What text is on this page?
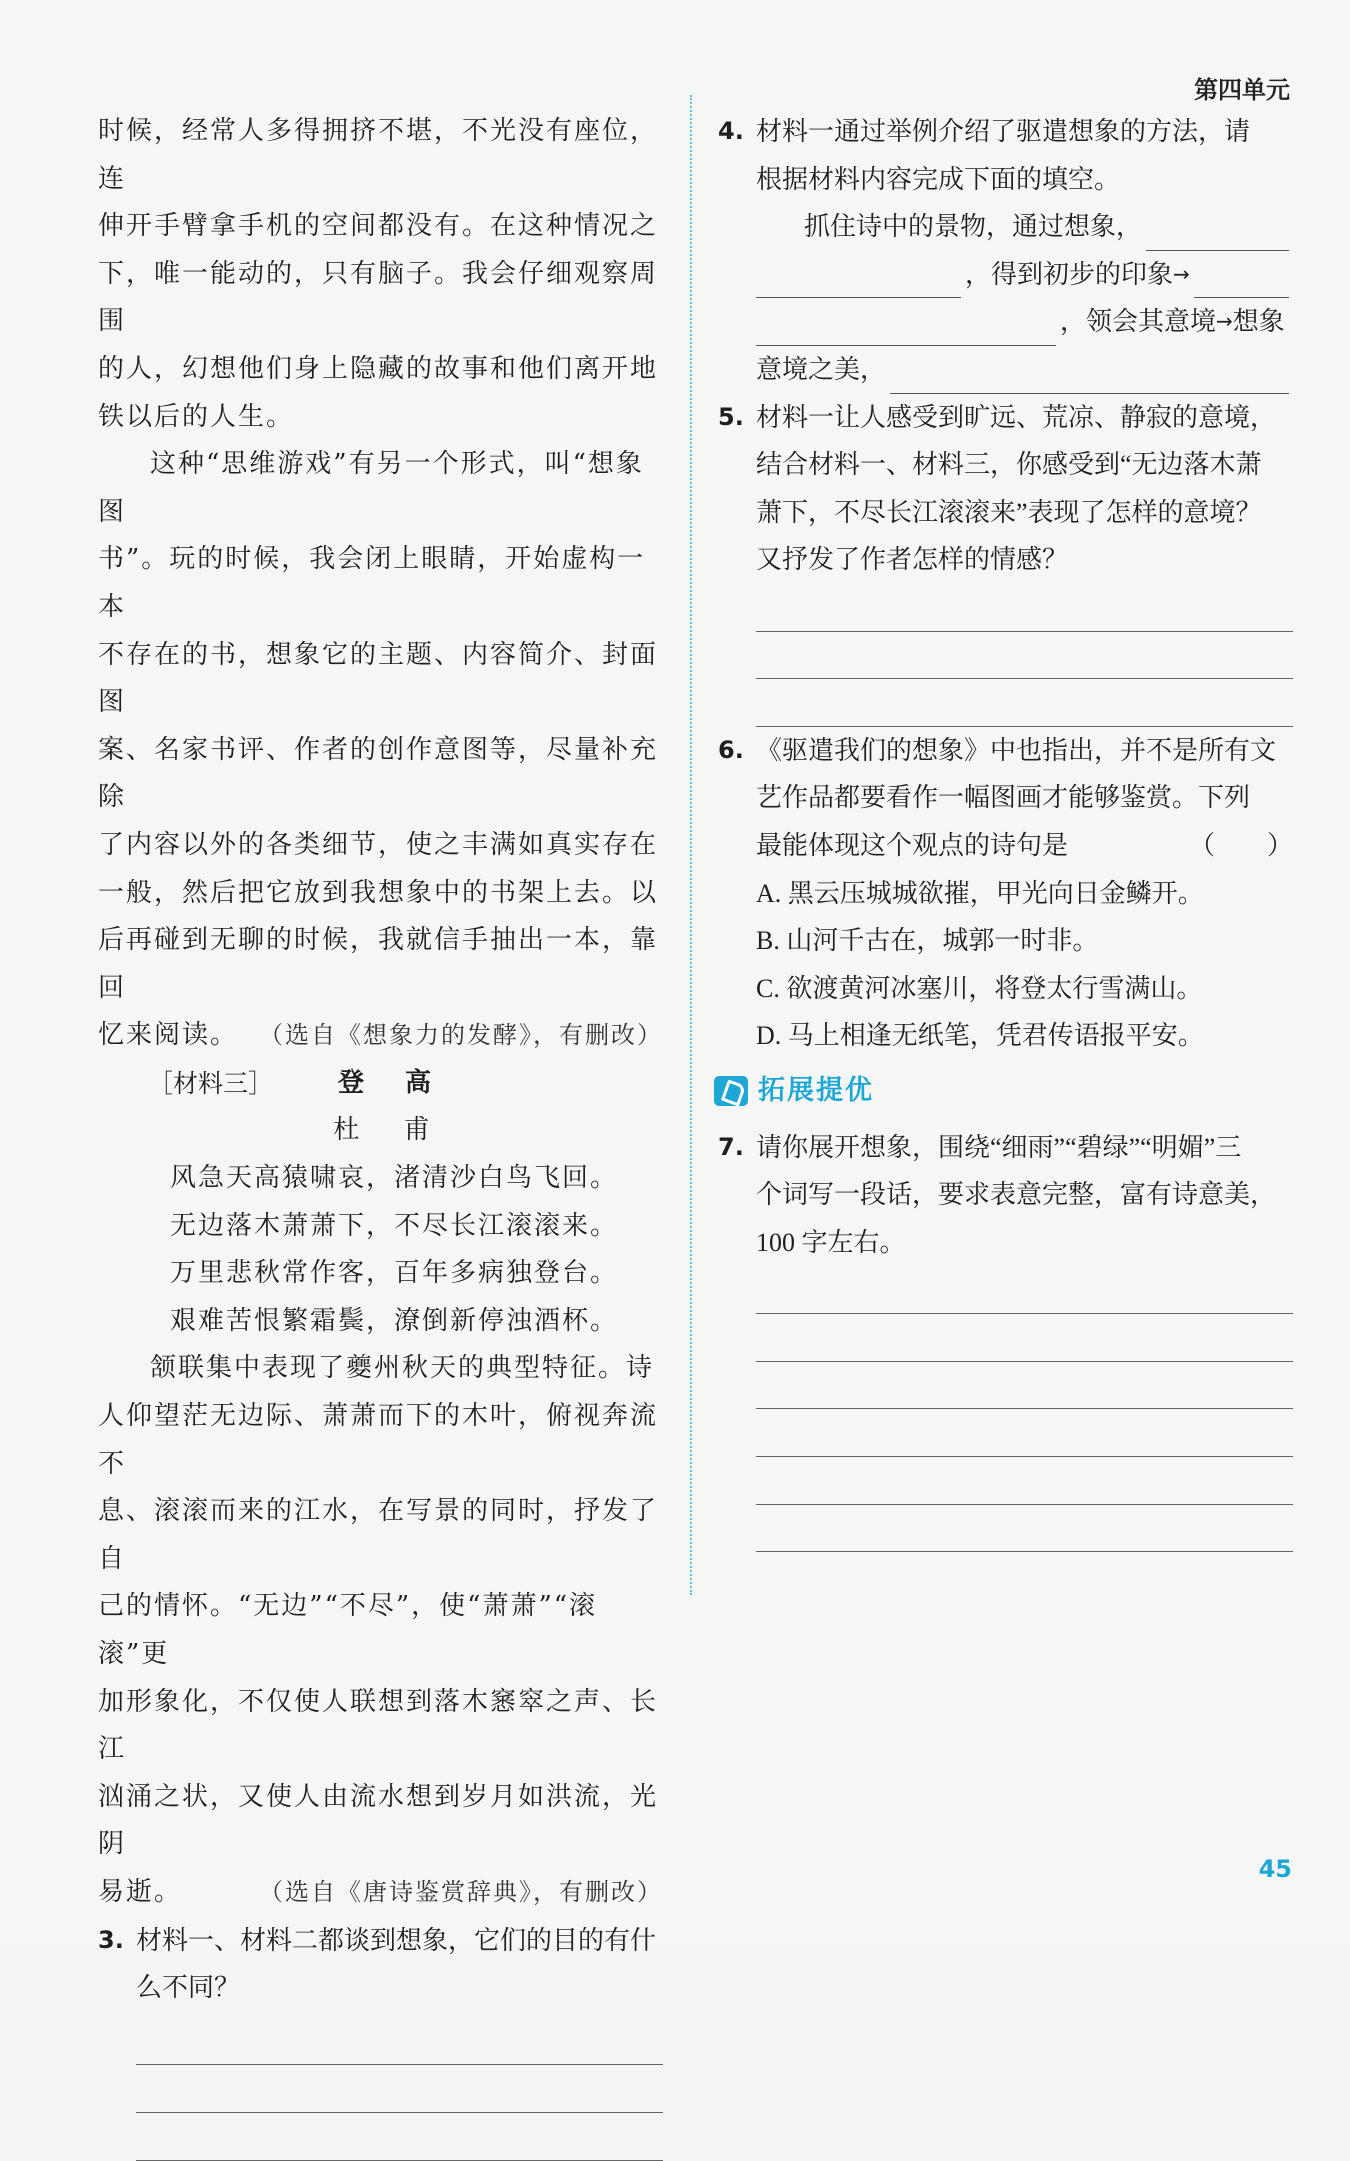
第四单元
时候，经常人多得拥挤不堪，不光没有座位，连
伸开手臂拿手机的空间都没有。在这种情况之
下，唯一能动的，只有脑子。我会仔细观察周围
的人，幻想他们身上隐藏的故事和他们离开地
铁以后的人生。
这种“思维游戏”有另一个形式，叫“想象图
书”。玩的时候，我会闭上眼睛，开始虚构一本
不存在的书，想象它的主题、内容简介、封面图
案、名家书评、作者的创作意图等，尽量补充除
了内容以外的各类细节，使之丰满如真实存在
一般，然后把它放到我想象中的书架上去。以
后再碰到无聊的时候，我就信手抽出一本，靠回
忆来阅读。 （选自《想象力的发酵》，有删改）
［材料三］ 登 高
杜 甫
风急天高猿啸哀，渚清沙白鸟飞回。
无边落木萧萧下，不尽长江滚滚来。
万里悲秋常作客，百年多病独登台。
艰难苦恨繁霜鬓，潦倒新停浊酒杯。
颔联集中表现了夔州秋天的典型特征。诗
人仰望茫无边际、萧萧而下的木叶，俯视奔流不
息、滚滚而来的江水，在写景的同时，抒发了自
己的情怀。“无边”“不尽”，使“萧萧”“滚滚”更
加形象化，不仅使人联想到落木窸窣之声、长江
汹涌之状，又使人由流水想到岁月如洪流，光阴
易逝。	（选自《唐诗鉴赏辞典》，有删改）
3. 材料一、材料二都谈到想象，它们的目的有什
么不同？
4. 材料一通过举例介绍了驱遣想象的方法，请
根据材料内容完成下面的填空。
抓住诗中的景物，通过想象，
，得到初步的印象 →
，领会其意境 → 想象
意境之美，
5. 材料一让人感受到旷远、荒凉、静寂的意境，
结合材料一、材料三，你感受到“无边落木萧
萧下，不尽长江滚滚来”表现了怎样的意境？
又抒发了作者怎样的情感？
6. 《驱遣我们的想象》中也指出，并不是所有文
艺作品都要看作一幅图画才能够鉴赏。下列
最能体现这个观点的诗句是	（　　）
A. 黑云压城城欲摧，甲光向日金鳞开。
B. 山河千古在，城郭一时非。
C. 欲渡黄河冰塞川，将登太行雪满山。
D. 马上相逢无纸笔，凭君传语报平安。
拓展提优
7. 请你展开想象，围绕“细雨”“碧绿”“明媚”三
个词写一段话，要求表意完整，富有诗意美，
100 字左右。
45
